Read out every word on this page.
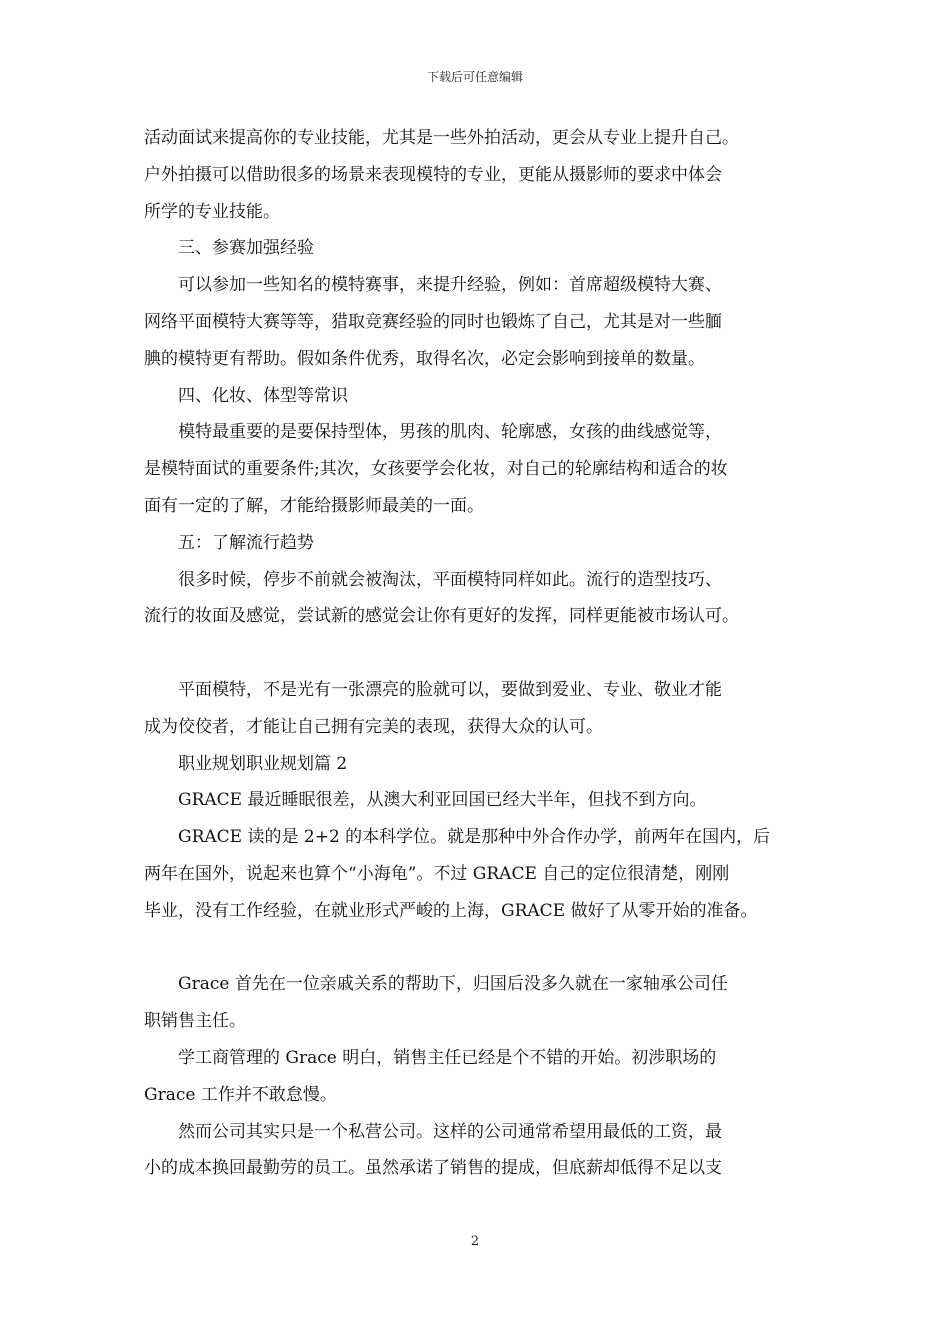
下载后可任意编辑

活动面试来提高你的专业技能，尤其是一些外拍活动，更会从专业上提升自己。

户外拍摄可以借助很多的场景来表现模特的专业，更能从摄影师的要求中体会

所学的专业技能。

　　三、参赛加强经验

　　可以参加一些知名的模特赛事，来提升经验，例如：首席超级模特大赛、

网络平面模特大赛等等，猎取竞赛经验的同时也锻炼了自己，尤其是对一些腼

腆的模特更有帮助。假如条件优秀，取得名次，必定会影响到接单的数量。

　　四、化妆、体型等常识

　　模特最重要的是要保持型体，男孩的肌肉、轮廓感，女孩的曲线感觉等，

是模特面试的重要条件;其次，女孩要学会化妆，对自己的轮廓结构和适合的妆

面有一定的了解，才能给摄影师最美的一面。

　　五：了解流行趋势

　　很多时候，停步不前就会被淘汰，平面模特同样如此。流行的造型技巧、

流行的妆面及感觉，尝试新的感觉会让你有更好的发挥，同样更能被市场认可。

　　平面模特，不是光有一张漂亮的脸就可以，要做到爱业、专业、敬业才能

成为佼佼者，才能让自己拥有完美的表现，获得大众的认可。

　　职业规划职业规划篇 2

　　GRACE 最近睡眠很差，从澳大利亚回国已经大半年，但找不到方向。

　　GRACE 读的是 2+2 的本科学位。就是那种中外合作办学，前两年在国内，后

两年在国外，说起来也算个“小海龟”。不过 GRACE 自己的定位很清楚，刚刚

毕业，没有工作经验，在就业形式严峻的上海，GRACE 做好了从零开始的准备。

　　Grace 首先在一位亲戚关系的帮助下，归国后没多久就在一家轴承公司任

职销售主任。

　　学工商管理的 Grace 明白，销售主任已经是个不错的开始。初涉职场的

Grace 工作并不敢怠慢。

　　然而公司其实只是一个私营公司。这样的公司通常希望用最低的工资，最

小的成本换回最勤劳的员工。虽然承诺了销售的提成，但底薪却低得不足以支

2
